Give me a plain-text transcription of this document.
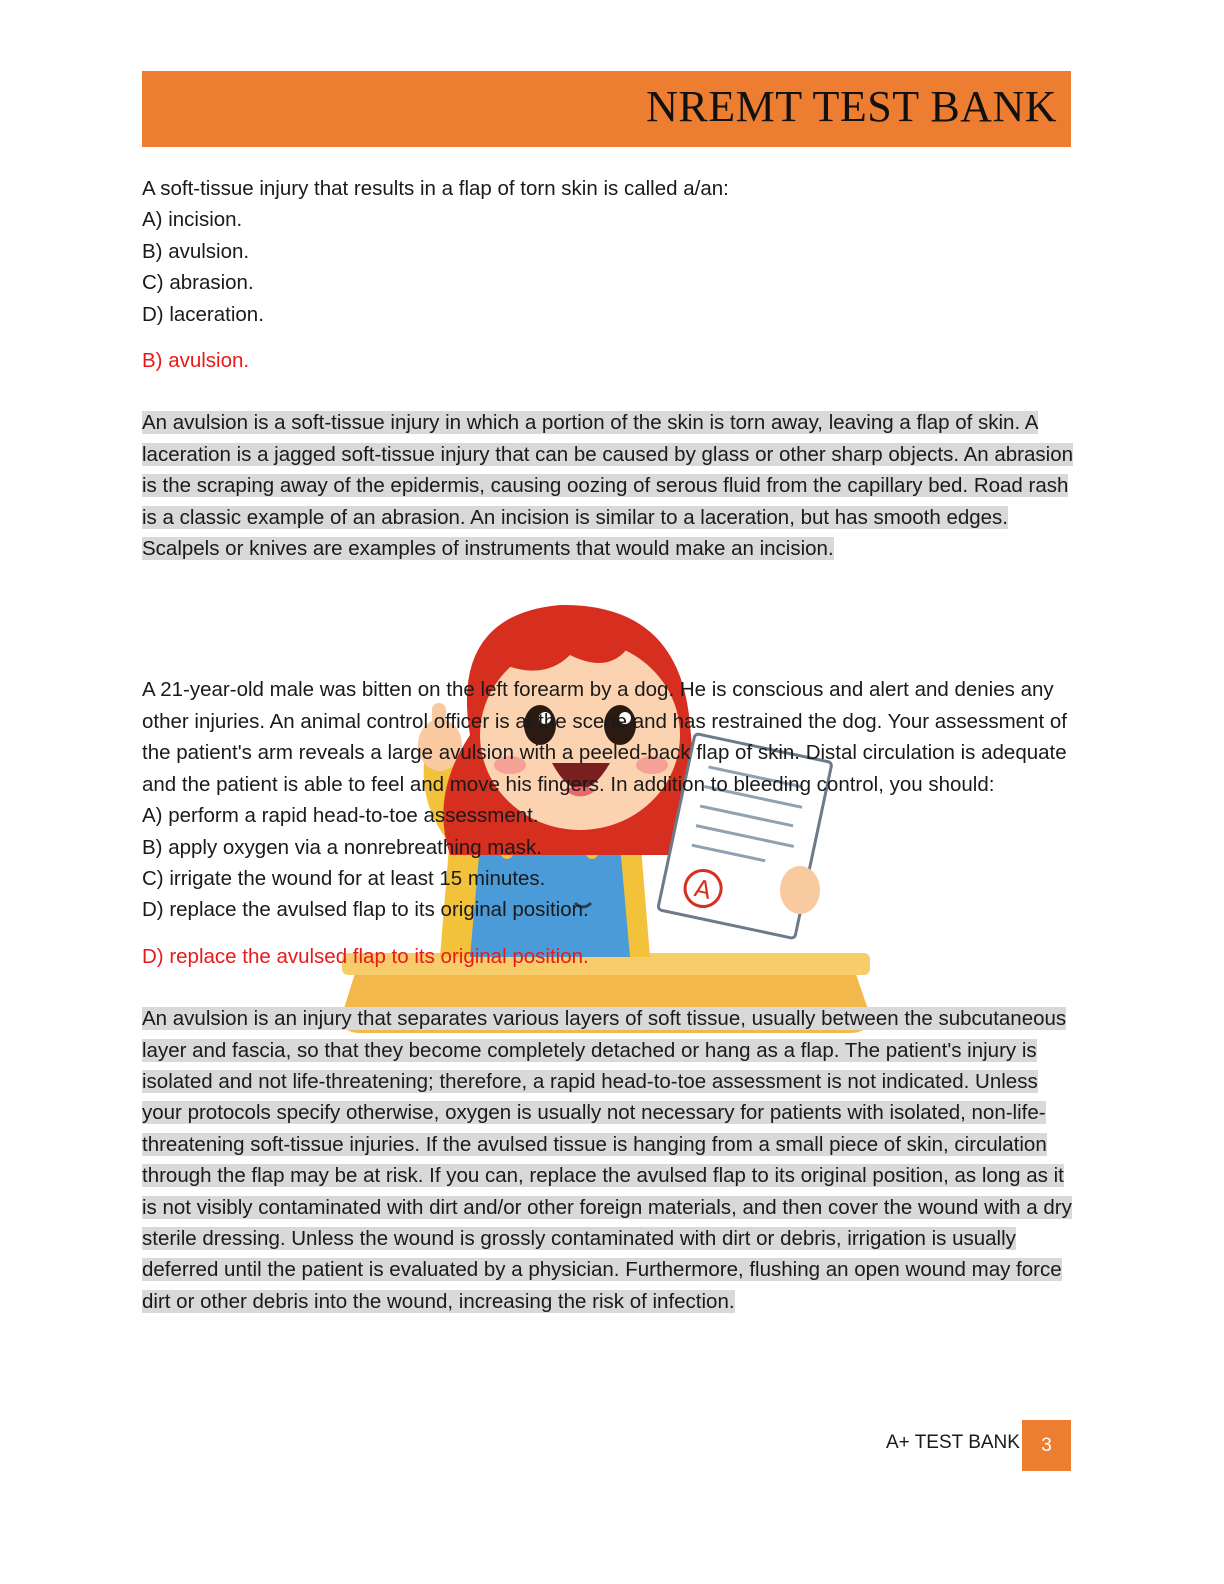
NREMT TEST BANK
A

A soft-tissue injury that results in a flap of torn skin is called a/an:

A) incision.

B) avulsion.

C) abrasion.

D) laceration.

B) avulsion.

An avulsion is a soft-tissue injury in which a portion of the skin is torn away, leaving a flap of skin. A laceration is a jagged soft-tissue injury that can be caused by glass or other sharp objects. An abrasion is the scraping away of the epidermis, causing oozing of serous fluid from the capillary bed. Road rash is a classic example of an abrasion. An incision is similar to a laceration, but has smooth edges. Scalpels or knives are examples of instruments that would make an incision.

A 21-year-old male was bitten on the left forearm by a dog. He is conscious and alert and denies any other injuries. An animal control officer is at the scene and has restrained the dog. Your assessment of the patient's arm reveals a large avulsion with a peeled-back flap of skin. Distal circulation is adequate and the patient is able to feel and move his fingers. In addition to bleeding control, you should:

A) perform a rapid head-to-toe assessment.

B) apply oxygen via a nonrebreathing mask.

C) irrigate the wound for at least 15 minutes.

D) replace the avulsed flap to its original position.

D) replace the avulsed flap to its original position.

An avulsion is an injury that separates various layers of soft tissue, usually between the subcutaneous layer and fascia, so that they become completely detached or hang as a flap. The patient's injury is isolated and not life-threatening; therefore, a rapid head-to-toe assessment is not indicated. Unless your protocols specify otherwise, oxygen is usually not necessary for patients with isolated, non-life-threatening soft-tissue injuries. If the avulsed tissue is hanging from a small piece of skin, circulation through the flap may be at risk. If you can, replace the avulsed flap to its original position, as long as it is not visibly contaminated with dirt and/or other foreign materials, and then cover the wound with a dry sterile dressing. Unless the wound is grossly contaminated with dirt or debris, irrigation is usually deferred until the patient is evaluated by a physician. Furthermore, flushing an open wound may force dirt or other debris into the wound, increasing the risk of infection.

A+ TEST BANK	3
